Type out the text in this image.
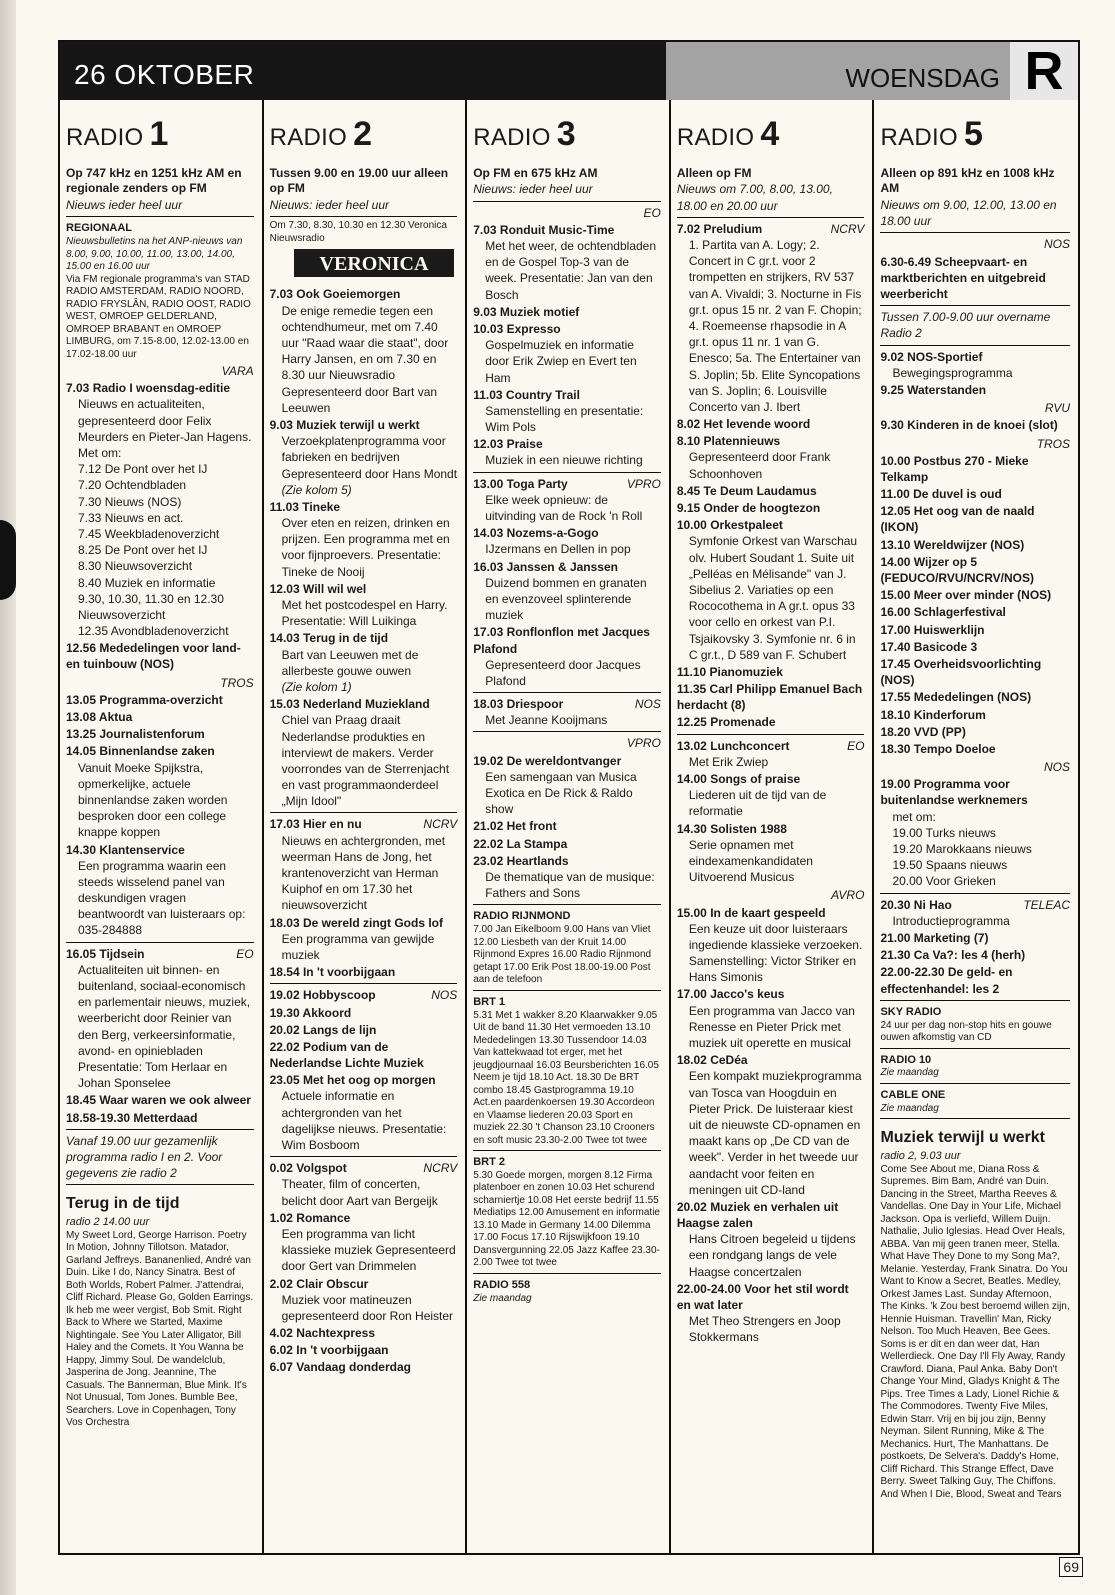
26 OKTOBER	WOENSDAG R
RADIO 1
Op 747 kHz en 1251 kHz AM en regionale zenders op FM
Nieuws ieder heel uur
REGIONAAL
Nieuwsbulletins na het ANP-nieuws van 8.00, 9.00, 10.00, 11.00, 13.00, 14.00, 15.00 en 16.00 uur
Via FM regionale programma's van STAD RADIO AMSTERDAM, RADIO NOORD, RADIO FRYSLÂN, RADIO OOST, RADIO WEST, OMROEP GELDERLAND, OMROEP BRABANT en OMROEP LIMBURG, om 7.15-8.00, 12.02-13.00 en 17.02-18.00 uur
VARA
7.03 Radio I woensdag-editie
Nieuws en actualiteiten, gepresenteerd door Felix Meurders en Pieter-Jan Hagens. Met om:
7.12 De Pont over het IJ
7.20 Ochtendbladen
7.30 Nieuws (NOS)
7.33 Nieuws en act.
7.45 Weekbladenoverzicht
8.25 De Pont over het IJ
8.30 Nieuwsoverzicht
8.40 Muziek en informatie
9.30, 10.30, 11.30 en 12.30 Nieuwsoverzicht
12.35 Avondbladenoverzicht
12.56 Mededelingen voor land- en tuinbouw (NOS)
TROS
13.05 Programma-overzicht
13.08 Aktua
13.25 Journalistenforum
14.05 Binnenlandse zaken
Vanuit Moeke Spijkstra, opmerkelijke, actuele binnenlandse zaken worden besproken door een college knappe koppen
14.30 Klantenservice
Een programma waarin een steeds wisselend panel van deskundigen vragen beantwoordt van luisteraars op: 035-284888
16.05 Tijdsein	EO
Actualiteiten uit binnen- en buitenland, sociaal-economisch en parlementair nieuws, muziek, weerbericht door Reinier van den Berg, verkeersinformatie, avond- en opiniebladen Presentatie: Tom Herlaar en Johan Sponselee
18.45 Waar waren we ook alweer
18.58-19.30 Metterdaad
Vanaf 19.00 uur gezamenlijk programma radio I en 2. Voor gegevens zie radio 2
Terug in de tijd
radio 2 14.00 uur
My Sweet Lord, George Harrison. Poetry In Motion, Johnny Tillotson. Matador, Garland Jeffreys. Bananenlied, André van Duin. Like I do, Nancy Sinatra. Best of Both Worlds, Robert Palmer. J'attendrai, Cliff Richard. Please Go, Golden Earrings. Ik heb me weer vergist, Bob Smit. Right Back to Where we Started, Maxime Nightingale. See You Later Alligator, Bill Haley and the Comets. It You Wanna be Happy, Jimmy Soul. De wandelclub, Jasperina de Jong. Jeannine, The Casuals. The Bannerman, Blue Mink. It's Not Unusual, Tom Jones. Bumble Bee, Searchers. Love in Copenhagen, Tony Vos Orchestra
RADIO 2
Tussen 9.00 en 19.00 uur alleen op FM
Nieuws: ieder heel uur
Om 7.30, 8.30, 10.30 en 12.30 Veronica Nieuwsradio
VERONICA
7.03 Ook Goeiemorgen
De enige remedie tegen een ochtendhumeur, met om 7.40 uur "Raad waar die staat", door Harry Jansen, en om 7.30 en 8.30 uur Nieuwsradio Gepresenteerd door Bart van Leeuwen
9.03 Muziek terwijl u werkt
Verzoekplatenprogramma voor fabrieken en bedrijven Gepresenteerd door Hans Mondt
(Zie kolom 5)
11.03 Tineke
Over eten en reizen, drinken en prijzen. Een programma met en voor fijnproevers. Presentatie: Tineke de Nooij
12.03 Will wil wel
Met het postcodespel en Harry. Presentatie: Will Luikinga
14.03 Terug in de tijd
Bart van Leeuwen met de allerbeste gouwe ouwen
(Zie kolom 1)
15.03 Nederland Muziekland
Chiel van Praag draait Nederlandse produkties en interviewt de makers. Verder voorrondes van de Sterrenjacht en vast programmaonderdeel „Mijn Idool"
17.03 Hier en nu	NCRV
Nieuws en achtergronden, met weerman Hans de Jong, het krantenoverzicht van Herman Kuiphof en om 17.30 het nieuwsoverzicht
18.03 De wereld zingt Gods lof
Een programma van gewijde muziek
18.54 In 't voorbijgaan
19.02 Hobbyscoop	NOS
19.30 Akkoord
20.02 Langs de lijn
22.02 Podium van de Nederlandse Lichte Muziek
23.05 Met het oog op morgen
Actuele informatie en achtergronden van het dagelijkse nieuws. Presentatie: Wim Bosboom
0.02 Volgspot	NCRV
Theater, film of concerten, belicht door Aart van Bergeijk
1.02 Romance
Een programma van licht klassieke muziek Gepresenteerd door Gert van Drimmelen
2.02 Clair Obscur
Muziek voor matineuzen gepresenteerd door Ron Heister
4.02 Nachtexpress
6.02 In 't voorbijgaan
6.07 Vandaag donderdag
RADIO 3
Op FM en 675 kHz AM
Nieuws: ieder heel uur
EO
7.03 Ronduit Music-Time
Met het weer, de ochtendbladen en de Gospel Top-3 van de week. Presentatie: Jan van den Bosch
9.03 Muziek motief
10.03 Expresso
Gospelmuziek en informatie door Erik Zwiep en Evert ten Ham
11.03 Country Trail
Samenstelling en presentatie: Wim Pols
12.03 Praise
Muziek in een nieuwe richting
13.00 Toga Party	VPRO
Elke week opnieuw: de uitvinding van de Rock 'n Roll
14.03 Nozems-a-Gogo
IJzermans en Dellen in pop
16.03 Janssen & Janssen
Duizend bommen en granaten en evenzoveel splinterende muziek
17.03 Ronflonflon met Jacques Plafond
Gepresenteerd door Jacques Plafond
18.03 Driespoor	NOS
Met Jeanne Kooijmans
VPRO
19.02 De wereldontvanger
Een samengaan van Musica Exotica en De Rick & Raldo show
21.02 Het front
22.02 La Stampa
23.02 Heartlands
De thematique van de musique: Fathers and Sons
RADIO RIJNMOND
7.00 Jan Eikelboom 9.00 Hans van Vliet 12.00 Liesbeth van der Kruit 14.00 Rijnmond Expres 16.00 Radio Rijnmond getapt 17.00 Erik Post 18.00-19.00 Post aan de telefoon
BRT 1
5.31 Met 1 wakker 8.20 Klaarwakker 9.05 Uit de band 11.30 Het vermoeden 13.10 Mededelingen 13.30 Tussendoor 14.03 Van kattekwaad tot erger, met het jeugdjournaal 16.03 Beursberichten 16.05 Neem je tijd 18.10 Act. 18.30 De BRT combo 18.45 Gastprogramma 19.10 Act.en paardenkoersen 19.30 Accordeon en Vlaamse liederen 20.03 Sport en muziek 22.30 't Chanson 23.10 Crooners en soft music 23.30-2.00 Twee tot twee
BRT 2
5.30 Goede morgen, morgen 8.12 Firma platenboer en zonen 10.03 Het schurend scharniertje 10.08 Het eerste bedrijf 11.55 Mediatips 12.00 Amusement en informatie 13.10 Made in Germany 14.00 Dilemma 17.00 Focus 17.10 Rijswijkfoon 19.10 Dansvergunning 22.05 Jazz Kaffee 23.30-2.00 Twee tot twee
RADIO 558
Zie maandag
RADIO 4
Alleen op FM
Nieuws om 7.00, 8.00, 13.00, 18.00 en 20.00 uur
7.02 Preludium	NCRV
1. Partita van A. Logy; 2. Concert in C gr.t. voor 2 trompetten en strijkers, RV 537 van A. Vivaldi; 3. Nocturne in Fis gr.t. opus 15 nr. 2 van F. Chopin; 4. Roemeense rhapsodie in A gr.t. opus 11 nr. 1 van G. Enesco; 5a. The Entertainer van S. Joplin; 5b. Elite Syncopations van S. Joplin; 6. Louisville Concerto van J. Ibert
8.02 Het levende woord
8.10 Platennieuws
Gepresenteerd door Frank Schoonhoven
8.45 Te Deum Laudamus
9.15 Onder de hoogtezon
10.00 Orkestpaleet
Symfonie Orkest van Warschau olv. Hubert Soudant 1. Suite uit „Pelléas en Mélisande" van J. Sibelius 2. Variaties op een Rococothema in A gr.t. opus 33 voor cello en orkest van P.I. Tsjaikovsky 3. Symfonie nr. 6 in C gr.t., D 589 van F. Schubert
11.10 Pianomuziek
11.35 Carl Philipp Emanuel Bach herdacht (8)
12.25 Promenade
13.02 Lunchconcert	EO
Met Erik Zwiep
14.00 Songs of praise
Liederen uit de tijd van de reformatie
14.30 Solisten 1988
Serie opnamen met eindexamenkandidaten Uitvoerend Musicus
AVRO
15.00 In de kaart gespeeld
Een keuze uit door luisteraars ingediende klassieke verzoeken. Samenstelling: Victor Striker en Hans Simonis
17.00 Jacco's keus
Een programma van Jacco van Renesse en Pieter Prick met muziek uit operette en musical
18.02 CeDéa
Een kompakt muziekprogramma van Tosca van Hoogduin en Pieter Prick. De luisteraar kiest uit de nieuwste CD-opnamen en maakt kans op „De CD van de week". Verder in het tweede uur aandacht voor feiten en meningen uit CD-land
20.02 Muziek en verhalen uit Haagse zalen
Hans Citroen begeleid u tijdens een rondgang langs de vele Haagse concertzalen
22.00-24.00 Voor het stil wordt en wat later
Met Theo Strengers en Joop Stokkermans
RADIO 5
Alleen op 891 kHz en 1008 kHz AM
Nieuws om 9.00, 12.00, 13.00 en 18.00 uur
NOS
6.30-6.49 Scheepvaart- en marktberichten en uitgebreid weerbericht
Tussen 7.00-9.00 uur overname Radio 2
9.02 NOS-Sportief
Bewegingsprogramma
9.25 Waterstanden
RVU
9.30 Kinderen in de knoei (slot)
TROS
10.00 Postbus 270 - Mieke Telkamp
11.00 De duvel is oud
12.05 Het oog van de naald (IKON)
13.10 Wereldwijzer (NOS)
14.00 Wijzer op 5 (FEDUCO/RVU/NCRV/NOS)
15.00 Meer over minder (NOS)
16.00 Schlagerfestival
17.00 Huiswerklijn
17.40 Basicode 3
17.45 Overheidsvoorlichting (NOS)
17.55 Mededelingen (NOS)
18.10 Kinderforum
18.20 VVD (PP)
18.30 Tempo Doeloe
NOS
19.00 Programma voor buitenlandse werknemers
met om:
19.00 Turks nieuws
19.20 Marokkaans nieuws
19.50 Spaans nieuws
20.00 Voor Grieken
20.30 Ni Hao	TELEAC
Introductieprogramma
21.00 Marketing (7)
21.30 Ca Va?: les 4 (herh)
22.00-22.30 De geld- en effectenhandel: les 2
SKY RADIO
24 uur per dag non-stop hits en gouwe ouwen afkomstig van CD
RADIO 10
Zie maandag
CABLE ONE
Zie maandag
Muziek terwijl u werkt
radio 2, 9.03 uur
Come See About me, Diana Ross & Supremes. Bim Bam, André van Duin. Dancing in the Street, Martha Reeves & Vandellas. One Day in Your Life, Michael Jackson. Opa is verliefd, Willem Duijn. Nathalie, Julio Iglesias. Head Over Heals, ABBA. Van mij geen tranen meer, Stella. What Have They Done to my Song Ma?, Melanie. Yesterday, Frank Sinatra. Do You Want to Know a Secret, Beatles. Medley, Orkest James Last. Sunday Afternoon, The Kinks. 'k Zou best beroemd willen zijn, Hennie Huisman. Travellin' Man, Ricky Nelson. Too Much Heaven, Bee Gees. Soms is er dit en dan weer dat, Han Wellerdieck. One Day I'll Fly Away, Randy Crawford. Diana, Paul Anka. Baby Don't Change Your Mind, Gladys Knight & The Pips. Tree Times a Lady, Lionel Richie & The Commodores. Twenty Five Miles, Edwin Starr. Vrij en bij jou zijn, Benny Neyman. Silent Running, Mike & The Mechanics. Hurt, The Manhattans. De postkoets, De Selvera's. Daddy's Home, Cliff Richard. This Strange Effect, Dave Berry. Sweet Talking Guy, The Chiffons. And When I Die, Blood, Sweat and Tears
69
